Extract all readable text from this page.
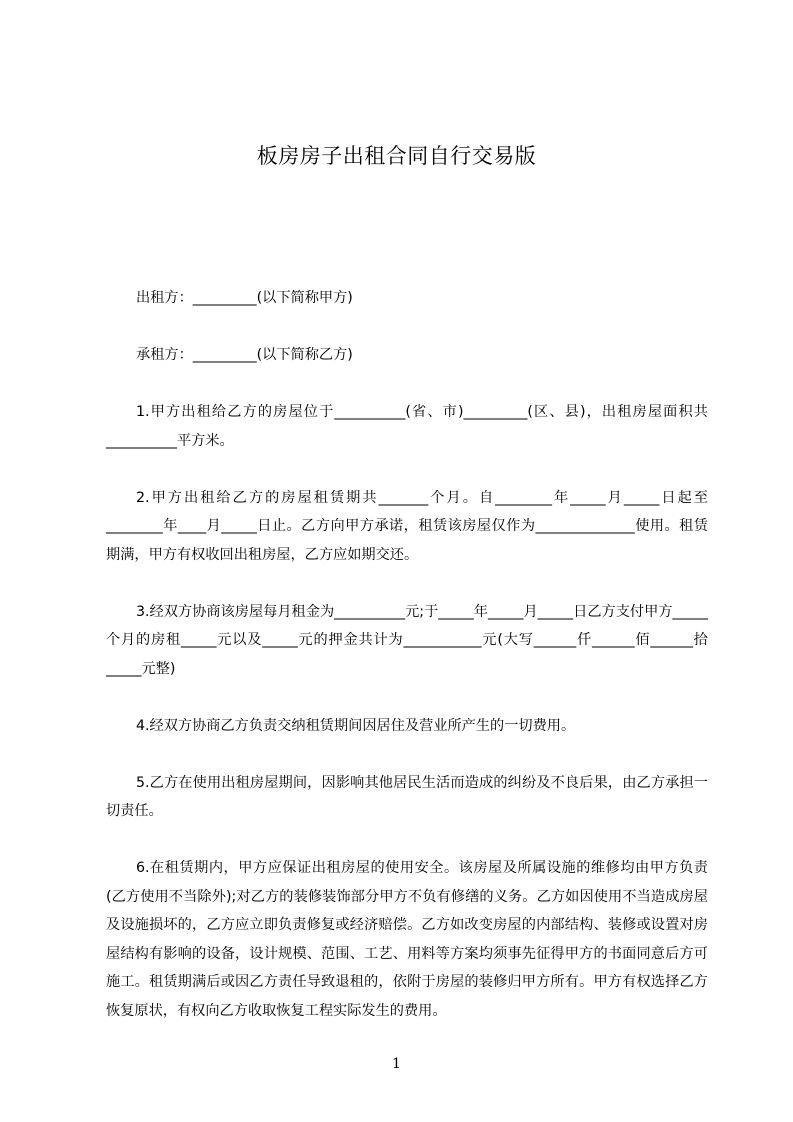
板房房子出租合同自行交易版

出租方：_________(以下简称甲方)

承租方：_________(以下简称乙方)

1.甲方出租给乙方的房屋位于__________(省、市)_________(区、县)，出租房屋面积共__________平方米。

2.甲方出租给乙方的房屋租赁期共_______个月。自________年_____月_____日起至________年____月_____日止。乙方向甲方承诺，租赁该房屋仅作为______________使用。租赁期满，甲方有权收回出租房屋，乙方应如期交还。

3.经双方协商该房屋每月租金为__________元;于_____年_____月_____日乙方支付甲方_____个月的房租_____元以及_____元的押金共计为___________元(大写______仟______佰______拾_____元整)

4.经双方协商乙方负责交纳租赁期间因居住及营业所产生的一切费用。

5.乙方在使用出租房屋期间，因影响其他居民生活而造成的纠纷及不良后果，由乙方承担一切责任。

6.在租赁期内，甲方应保证出租房屋的使用安全。该房屋及所属设施的维修均由甲方负责(乙方使用不当除外);对乙方的装修装饰部分甲方不负有修缮的义务。乙方如因使用不当造成房屋及设施损坏的，乙方应立即负责修复或经济赔偿。乙方如改变房屋的内部结构、装修或设置对房屋结构有影响的设备，设计规模、范围、工艺、用料等方案均须事先征得甲方的书面同意后方可施工。租赁期满后或因乙方责任导致退租的，依附于房屋的装修归甲方所有。甲方有权选择乙方恢复原状，有权向乙方收取恢复工程实际发生的费用。

1
